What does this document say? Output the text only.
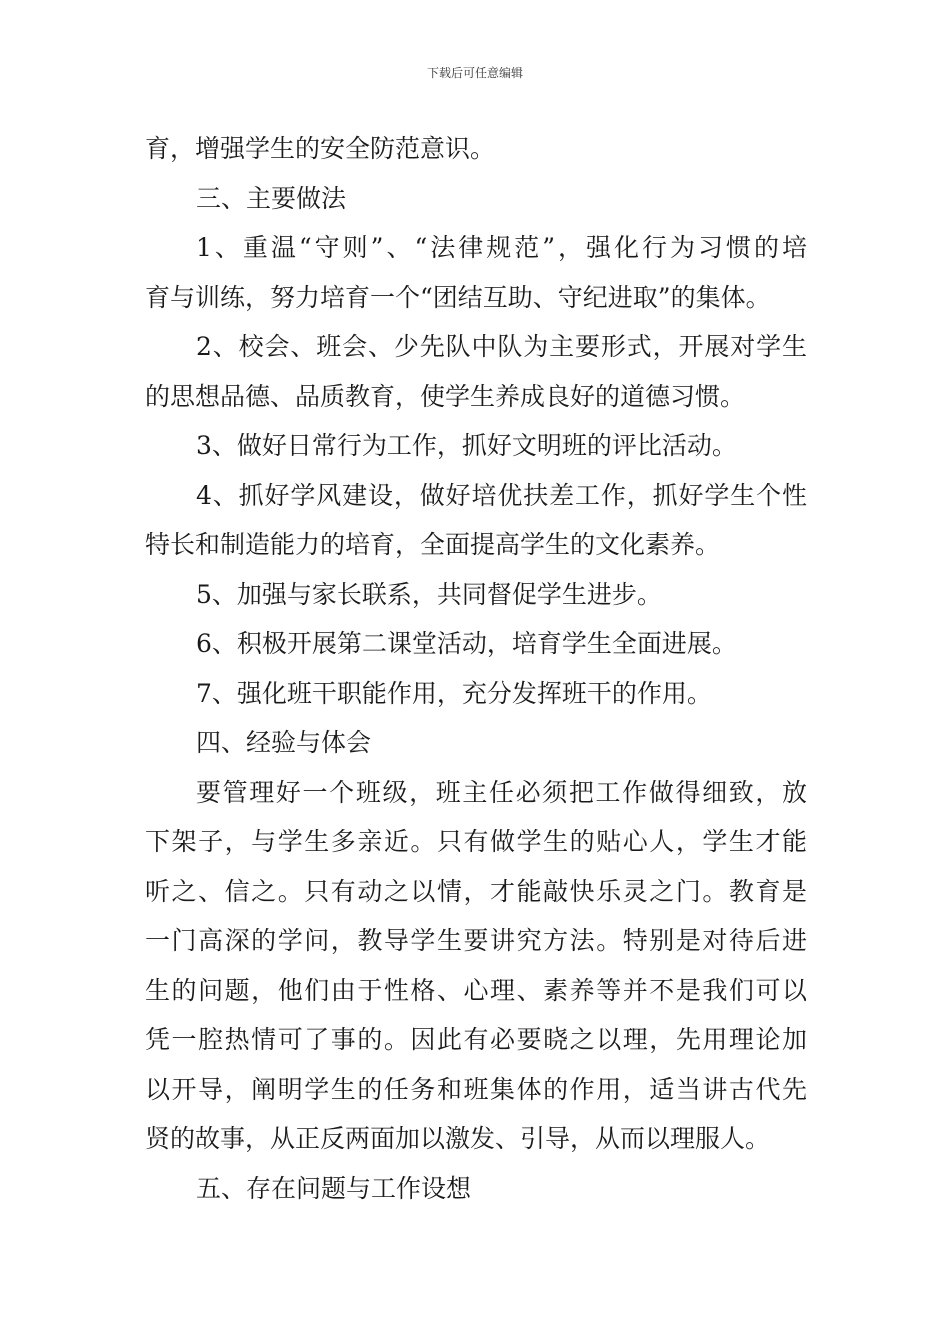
下载后可任意编辑
育，增强学生的安全防范意识。
三、主要做法
1、重温“守则”、“法律规范”，强化行为习惯的培
育与训练，努力培育一个“团结互助、守纪进取”的集体。
2、校会、班会、少先队中队为主要形式，开展对学生
的思想品德、品质教育，使学生养成良好的道德习惯。
3、做好日常行为工作，抓好文明班的评比活动。
4、抓好学风建设，做好培优扶差工作，抓好学生个性
特长和制造能力的培育，全面提高学生的文化素养。
5、加强与家长联系，共同督促学生进步。
6、积极开展第二课堂活动，培育学生全面进展。
7、强化班干职能作用，充分发挥班干的作用。
四、经验与体会
要管理好一个班级，班主任必须把工作做得细致，放
下架子，与学生多亲近。只有做学生的贴心人，学生才能
听之、信之。只有动之以情，才能敲快乐灵之门。教育是
一门高深的学问，教导学生要讲究方法。特别是对待后进
生的问题，他们由于性格、心理、素养等并不是我们可以
凭一腔热情可了事的。因此有必要晓之以理，先用理论加
以开导，阐明学生的任务和班集体的作用，适当讲古代先
贤的故事，从正反两面加以激发、引导，从而以理服人。
五、存在问题与工作设想
